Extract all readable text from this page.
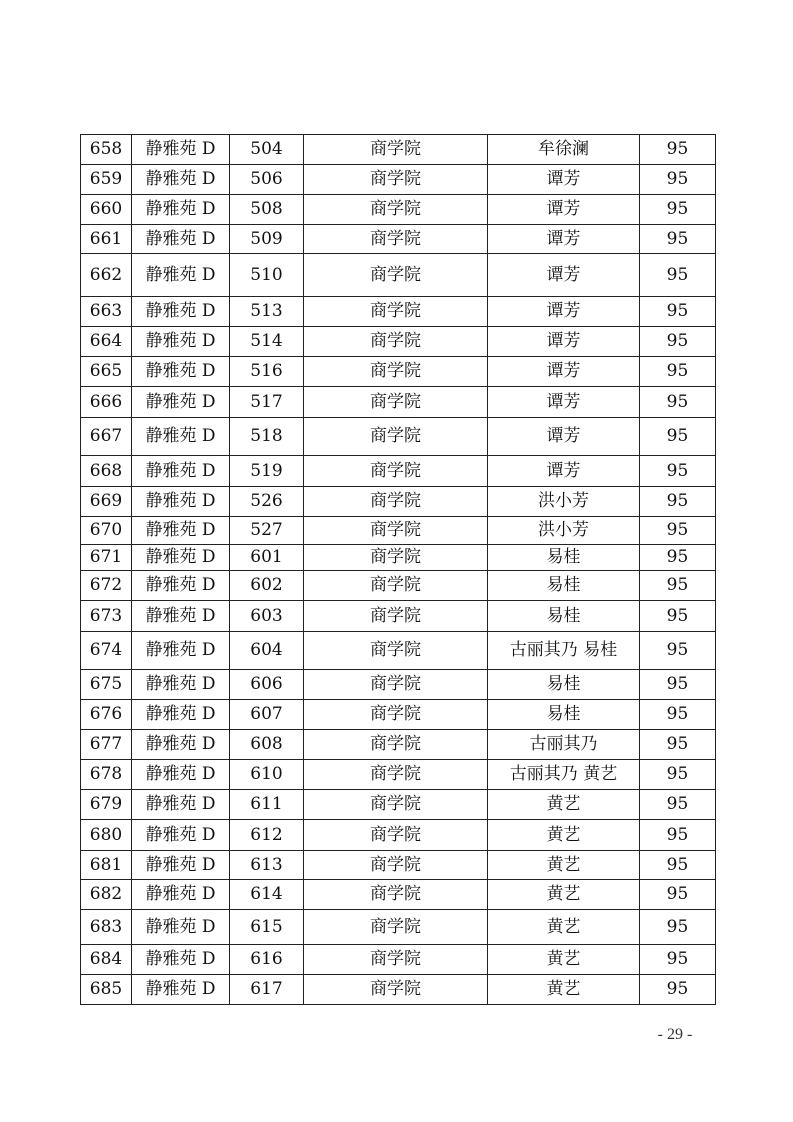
658	静雅苑 D	504	商学院	牟徐澜	95
659	静雅苑 D	506	商学院	谭芳	95
660	静雅苑 D	508	商学院	谭芳	95
661	静雅苑 D	509	商学院	谭芳	95
662	静雅苑 D	510	商学院	谭芳	95
663	静雅苑 D	513	商学院	谭芳	95
664	静雅苑 D	514	商学院	谭芳	95
665	静雅苑 D	516	商学院	谭芳	95
666	静雅苑 D	517	商学院	谭芳	95
667	静雅苑 D	518	商学院	谭芳	95
668	静雅苑 D	519	商学院	谭芳	95
669	静雅苑 D	526	商学院	洪小芳	95
670	静雅苑 D	527	商学院	洪小芳	95
671	静雅苑 D	601	商学院	易桂	95
672	静雅苑 D	602	商学院	易桂	95
673	静雅苑 D	603	商学院	易桂	95
674	静雅苑 D	604	商学院	古丽其乃 易桂	95
675	静雅苑 D	606	商学院	易桂	95
676	静雅苑 D	607	商学院	易桂	95
677	静雅苑 D	608	商学院	古丽其乃	95
678	静雅苑 D	610	商学院	古丽其乃 黄艺	95
679	静雅苑 D	611	商学院	黄艺	95
680	静雅苑 D	612	商学院	黄艺	95
681	静雅苑 D	613	商学院	黄艺	95
682	静雅苑 D	614	商学院	黄艺	95
683	静雅苑 D	615	商学院	黄艺	95
684	静雅苑 D	616	商学院	黄艺	95
685	静雅苑 D	617	商学院	黄艺	95
- 29 -
